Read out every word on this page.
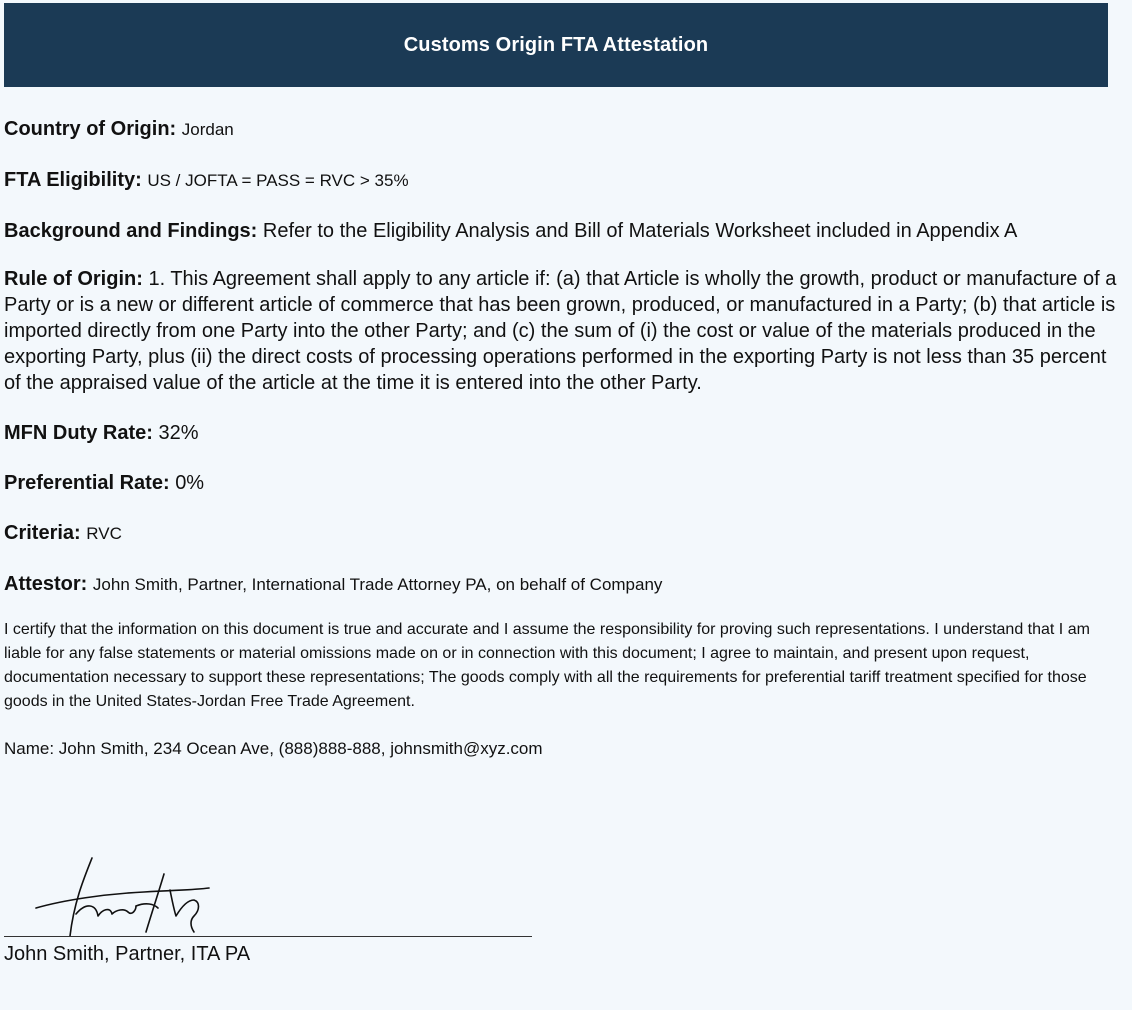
Customs Origin FTA Attestation
Country of Origin: Jordan
FTA Eligibility: US / JOFTA = PASS = RVC > 35%
Background and Findings: Refer to the Eligibility Analysis and Bill of Materials Worksheet included in Appendix A
Rule of Origin: 1. This Agreement shall apply to any article if: (a) that Article is wholly the growth, product or manufacture of a Party or is a new or different article of commerce that has been grown, produced, or manufactured in a Party; (b) that article is imported directly from one Party into the other Party; and (c) the sum of (i) the cost or value of the materials produced in the exporting Party, plus (ii) the direct costs of processing operations performed in the exporting Party is not less than 35 percent of the appraised value of the article at the time it is entered into the other Party.
MFN Duty Rate: 32%
Preferential Rate: 0%
Criteria: RVC
Attestor: John Smith, Partner, International Trade Attorney PA, on behalf of Company
I certify that the information on this document is true and accurate and I assume the responsibility for proving such representations. I understand that I am liable for any false statements or material omissions made on or in connection with this document; I agree to maintain, and present upon request, documentation necessary to support these representations; The goods comply with all the requirements for preferential tariff treatment specified for those goods in the United States-Jordan Free Trade Agreement.
Name: John Smith, 234 Ocean Ave, (888)888-888, johnsmith@xyz.com
John Smith, Partner, ITA PA
